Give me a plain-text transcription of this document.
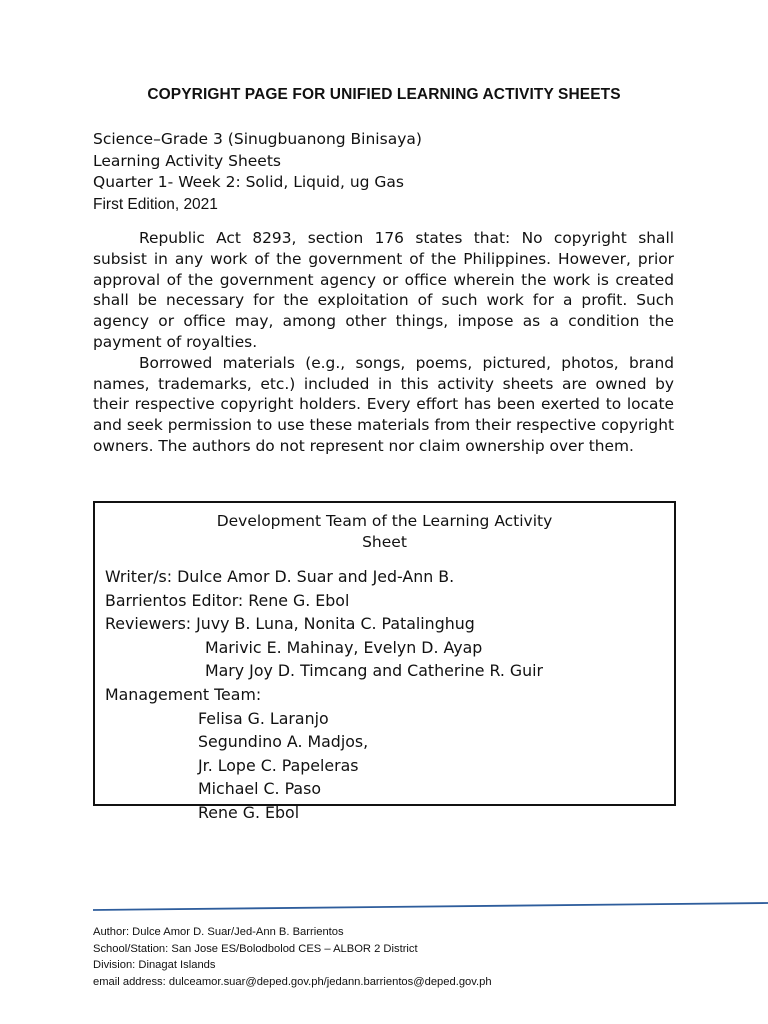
COPYRIGHT PAGE FOR UNIFIED LEARNING ACTIVITY SHEETS
Science–Grade 3 (Sinugbuanong Binisaya)
Learning Activity Sheets
Quarter 1- Week 2: Solid, Liquid, ug Gas
First Edition, 2021

Republic Act 8293, section 176 states that: No copyright shall subsist in any work of the government of the Philippines. However, prior approval of the government agency or office wherein the work is created shall be necessary for the exploitation of such work for a profit. Such agency or office may, among other things, impose as a condition the payment of royalties.

Borrowed materials (e.g., songs, poems, pictured, photos, brand names, trademarks, etc.) included in this activity sheets are owned by their respective copyright holders. Every effort has been exerted to locate and seek permission to use these materials from their respective copyright owners. The authors do not represent nor claim ownership over them.

Development Team of the Learning Activity
Sheet
Writer/s: Dulce Amor D. Suar and Jed-Ann B.
Barrientos Editor: Rene G. Ebol
Reviewers: Juvy B. Luna, Nonita C. Patalinghug
Marivic E. Mahinay, Evelyn D. Ayap
Mary Joy D. Timcang and Catherine R. Guir
Management Team:
Felisa G. Laranjo
Segundino A. Madjos,
Jr. Lope C. Papeleras
Michael C. Paso
Rene G. Ebol
Author: Dulce Amor D. Suar/Jed-Ann B. Barrientos
School/Station: San Jose ES/Bolodbolod CES – ALBOR 2 District
Division: Dinagat Islands
email address: dulceamor.suar@deped.gov.ph/jedann.barrientos@deped.gov.ph
